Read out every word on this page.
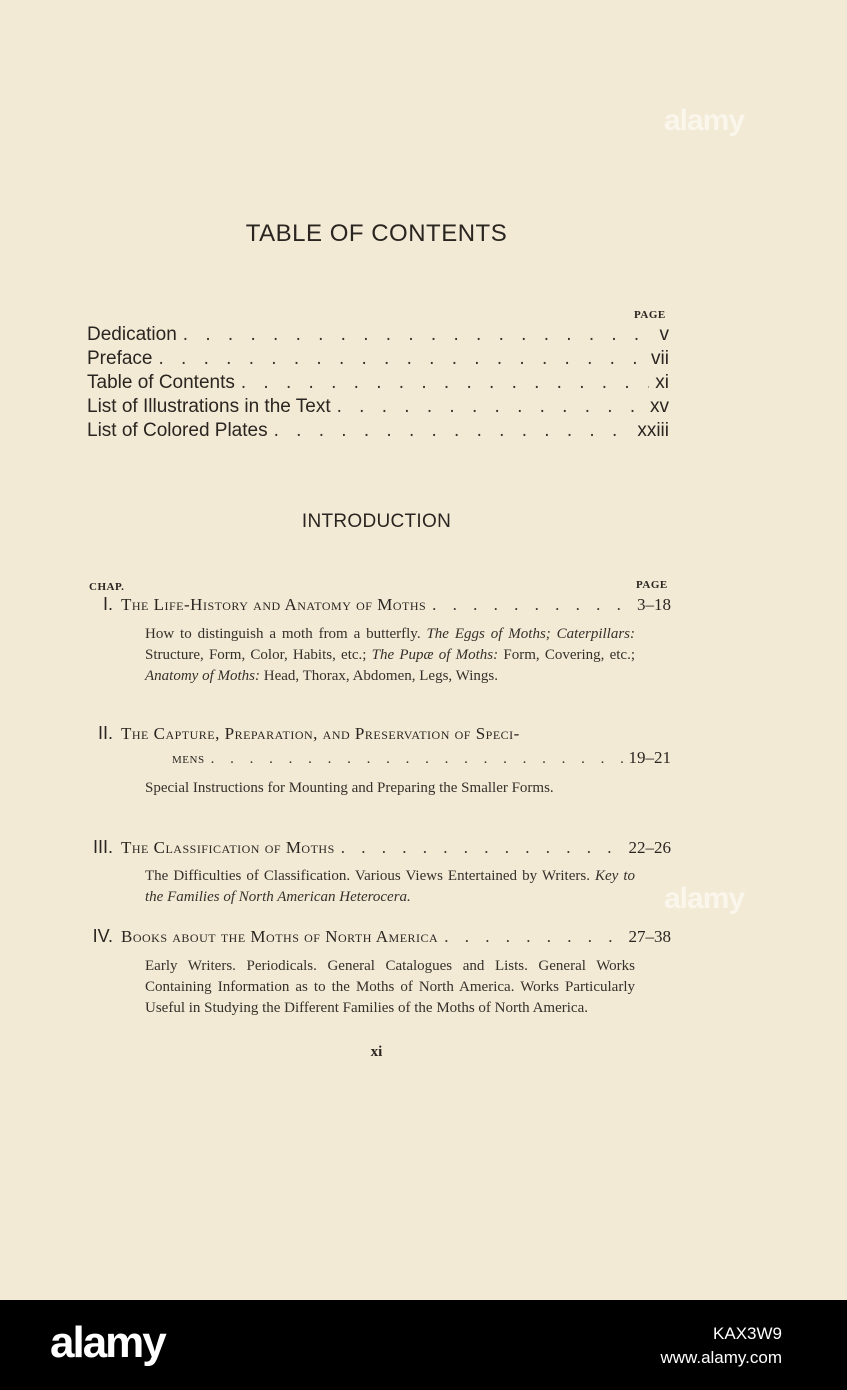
alamy
alamy
TABLE OF CONTENTS
PAGE
Dedication . . .	v
Preface . . .	vii
Table of Contents . . .	xi
List of Illustrations in the Text . . .	xv
List of Colored Plates . . .	xxiii
INTRODUCTION
CHAP.	PAGE
I. The Life-History and Anatomy of Moths . . .	3–18
How to distinguish a moth from a butterfly. The Eggs of Moths; Caterpillars: Structure, Form, Color, Habits, etc.; The Pupæ of Moths: Form, Covering, etc.; Anatomy of Moths: Head, Thorax, Abdomen, Legs, Wings.
II. The Capture, Preparation, and Preservation of Speci-
mens . . .	19–21
Special Instructions for Mounting and Preparing the Smaller Forms.
III. The Classification of Moths . . .	22–26
The Difficulties of Classification. Various Views Entertained by Writers. Key to the Families of North American Heterocera.
IV. Books about the Moths of North America . . .	27–38
Early Writers. Periodicals. General Catalogues and Lists. General Works Containing Information as to the Moths of North America. Works Particularly Useful in Studying the Different Families of the Moths of North America.
xi
alamy	KAX3W9
www.alamy.com
